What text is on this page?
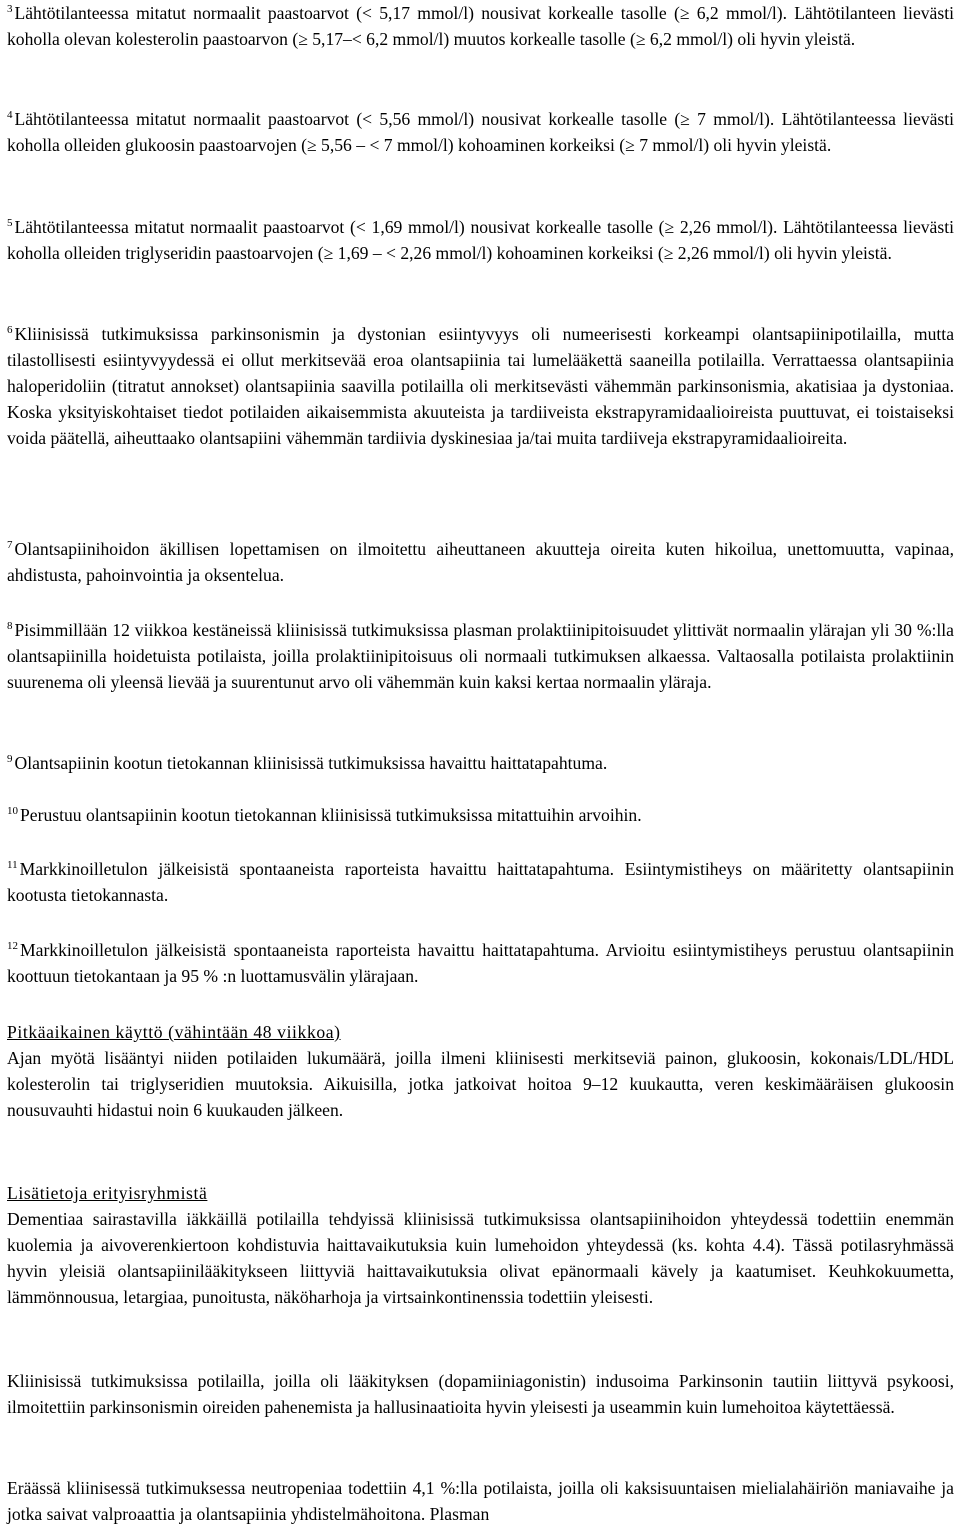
$^3$ Lähtötilanteessa mitatut normaalit paastoarvot (< 5,17 mmol/l) nousivat korkealle tasolle (≥ 6,2 mmol/l). Lähtötilanteen lievästi koholla olevan kolesterolin paastoarvon (≥ 5,17–< 6,2 mmol/l) muutos korkealle tasolle (≥ 6,2 mmol/l) oli hyvin yleistä.

$^4$ Lähtötilanteessa mitatut normaalit paastoarvot (< 5,56 mmol/l) nousivat korkealle tasolle (≥ 7 mmol/l). Lähtötilanteessa lievästi koholla olleiden glukoosin paastoarvojen (≥ 5,56 – < 7 mmol/l) kohoaminen korkeiksi (≥ 7 mmol/l) oli hyvin yleistä.

$^5$ Lähtötilanteessa mitatut normaalit paastoarvot (< 1,69 mmol/l) nousivat korkealle tasolle (≥ 2,26 mmol/l). Lähtötilanteessa lievästi koholla olleiden triglyseridin paastoarvojen (≥ 1,69 – < 2,26 mmol/l) kohoaminen korkeiksi (≥ 2,26 mmol/l) oli hyvin yleistä.

$^6$ Kliinisissä tutkimuksissa parkinsonismin ja dystonian esiintyvyys oli numeerisesti korkeampi olantsapiinipotilailla, mutta tilastollisesti esiintyvyydessä ei ollut merkitsevää eroa olantsapiinia tai lumelääkettä saaneilla potilailla. Verrattaessa olantsapiinia haloperidoliin (titratut annokset) olantsapiinia saavilla potilailla oli merkitsevästi vähemmän parkinsonismia, akatisiaa ja dystoniaa. Koska yksityiskohtaiset tiedot potilaiden aikaisemmista akuuteista ja tardiiveista ekstrapyramidaalioireista puuttuvat, ei toistaiseksi voida päätellä, aiheuttaako olantsapiini vähemmän tardiivia dyskinesiaa ja/tai muita tardiiveja ekstrapyramidaalioireita.

$^7$ Olantsapiinihoidon äkillisen lopettamisen on ilmoitettu aiheuttaneen akuutteja oireita kuten hikoilua, unettomuutta, vapinaa, ahdistusta, pahoinvointia ja oksentelua.

$^8$ Pisimmillään 12 viikkoa kestäneissä kliinisissä tutkimuksissa plasman prolaktiinipitoisuudet ylittivät normaalin ylärajan yli 30 %:lla olantsapiinilla hoidetuista potilaista, joilla prolaktiinipitoisuus oli normaali tutkimuksen alkaessa. Valtaosalla potilaista prolaktiinin suurenema oli yleensä lievää ja suurentunut arvo oli vähemmän kuin kaksi kertaa normaalin yläraja.

$^9$ Olantsapiinin kootun tietokannan kliinisissä tutkimuksissa havaittu haittatapahtuma.

$^{10}$ Perustuu olantsapiinin kootun tietokannan kliinisissä tutkimuksissa mitattuihin arvoihin.

$^{11}$ Markkinoilletulon jälkeisistä spontaaneista raporteista havaittu haittatapahtuma. Esiintymistiheys on määritetty olantsapiinin kootusta tietokannasta.

$^{12}$ Markkinoilletulon jälkeisistä spontaaneista raporteista havaittu haittatapahtuma. Arvioitu esiintymistiheys perustuu olantsapiinin koottuun tietokantaan ja 95 % :n luottamusvälin ylärajaan.

Pitkäaikainen käyttö (vähintään 48 viikkoa)

Ajan myötä lisääntyi niiden potilaiden lukumäärä, joilla ilmeni kliinisesti merkitseviä painon, glukoosin, kokonais/LDL/HDL kolesterolin tai triglyseridien muutoksia. Aikuisilla, jotka jatkoivat hoitoa 9–12 kuukautta, veren keskimääräisen glukoosin nousuvauhti hidastui noin 6 kuukauden jälkeen.

Lisätietoja erityisryhmistä

Dementiaa sairastavilla iäkkäillä potilailla tehdyissä kliinisissä tutkimuksissa olantsapiinihoidon yhteydessä todettiin enemmän kuolemia ja aivoverenkiertoon kohdistuvia haittavaikutuksia kuin lumehoidon yhteydessä (ks. kohta 4.4). Tässä potilasryhmässä hyvin yleisiä olantsapiinilääkitykseen liittyviä haittavaikutuksia olivat epänormaali kävely ja kaatumiset. Keuhkokuumetta, lämmönnousua, letargiaa, punoitusta, näköharhoja ja virtsainkontinenssia todettiin yleisesti.

Kliinisissä tutkimuksissa potilailla, joilla oli lääkityksen (dopamiiniagonistin) indusoima Parkinsonin tautiin liittyvä psykoosi, ilmoitettiin parkinsonismin oireiden pahenemista ja hallusinaatioita hyvin yleisesti ja useammin kuin lumehoitoa käytettäessä.

Eräässä kliinisessä tutkimuksessa neutropeniaa todettiin 4,1 %:lla potilaista, joilla oli kaksisuuntaisen mielialahäiriön maniavaihe ja jotka saivat valproaattia ja olantsapiinia yhdistelmähoitona. Plasman
